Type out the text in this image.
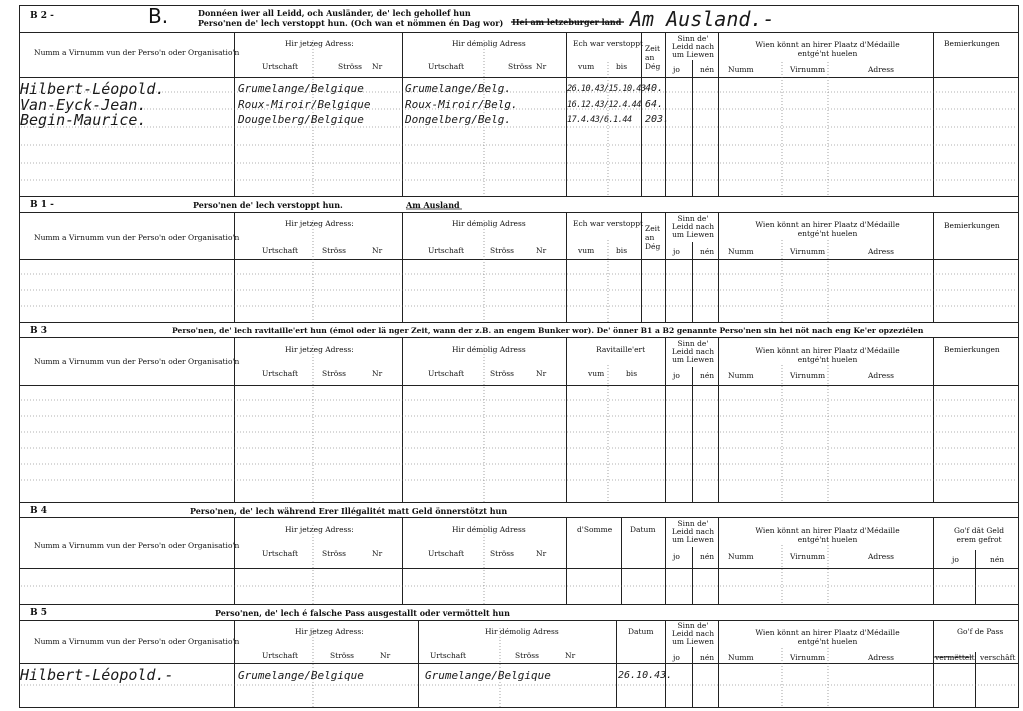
B 2 -	B.	Donnéen iwer all Leidd, och Ausländer, de' lech gehollef hun
Perso'nen de' lech verstoppt hun. (Och wan et nömmen én Dag wor) Hei am letzeburger land Am Ausland.-
Numm a Virnumm vun der Perso'n oder Organisatio'n
Hir jetzeg Adress:	Hir démolig Adress	Ech war verstoppt
Zeit an Dég
Sinn de' Leidd nach um Liewen
Wien könnt an hirer Plaatz d'Médaille entgé'nt huelen
Bemierkungen
Urtschaft	Ströss Nr	Urtschaft	Ströss Nr	vum	bis	jo	nén Numm	Virnumm	Adress
Hilbert-Léopold.	Grumelange/Belgique	Grumelange/Belg.	26.10.43/15.10.43 40.
Van-Eyck-Jean.	Roux-Miroir/Belgique	Roux-Miroir/Belg.	16.12.43/12.4.44 64.
Begin-Maurice.	Dougelberg/Belgique	Dongelberg/Belg.	17.4.43/6.1.44 203.
B 1 -	Perso'nen de' lech verstoppt hun.	Am Ausland
Numm a Virnumm vun der Perso'n oder Organisatio'n
Hir jetzeg Adress:	Hir démolig Adress	Ech war verstoppt
Zeit an Dég
Sinn de' Leidd nach um Liewen
Wien könnt an hirer Plaatz d'Médaille entgé'nt huelen
Bemierkungen
Urtschaft	Ströss	Nr	Urtschaft	Ströss	Nr	vum	bis	jo	nén Numm	Virnumm	Adress
B 3	Perso'nen, de' lech ravitaille'ert hun (émol oder lä nger Zeit, wann der z.B. an engem Bunker wor). De' önner B1 a B2 genannte Perso'nen sin hei nöt nach eng Ke'er opzeziélen
Numm a Virnumm vun der Perso'n oder Organisatio'n
Hir jetzeg Adress:	Hir démolig Adress	Ravitaille'ert
Sinn de' Leidd nach um Liewen
Wien könnt an hirer Plaatz d'Médaille entgé'nt huelen
Bemierkungen
Urtschaft	Ströss	Nr	Urtschaft	Ströss	Nr	vum	bis	jo	nén Numm	Virnumm	Adress
B 4	Perso'nen, de' lech während Erer Illégalitét matt Geld önnerstötzt hun
Numm a Virnumm vun der Perso'n oder Organisatio'n
Hir jetzeg Adress:	Hir démolig Adress	d'Somme Datum
Sinn de' Leidd nach um Liewen
Wien könnt an hirer Plaatz d'Médaille entgé'nt huelen
Go'f dât Geld erem gefrot
Urtschaft	Ströss	Nr	Urtschaft	Ströss	Nr	jo	nén Numm	Virnumm	Adress	jo	nén
B 5	Perso'nen, de' lech é falsche Pass ausgestallt oder vermöttelt hun
Numm a Virnumm vun der Perso'n oder Organisatio'n
Hir jetzeg Adress:	Hir démolig Adress	Datum
Sinn de' Leidd nach um Liewen
Wien könnt an hirer Plaatz d'Médaille entgé'nt huelen
Go'f de Pass
Urtschaft	Ströss	Nr	Urtschaft	Ströss	Nr	jo	nén Numm	Virnumm	Adress	vermëttelt verschâft
Hilbert-Léopold.-	Grumelange/Belgique	Grumelange/Belgique	26.10.43.
